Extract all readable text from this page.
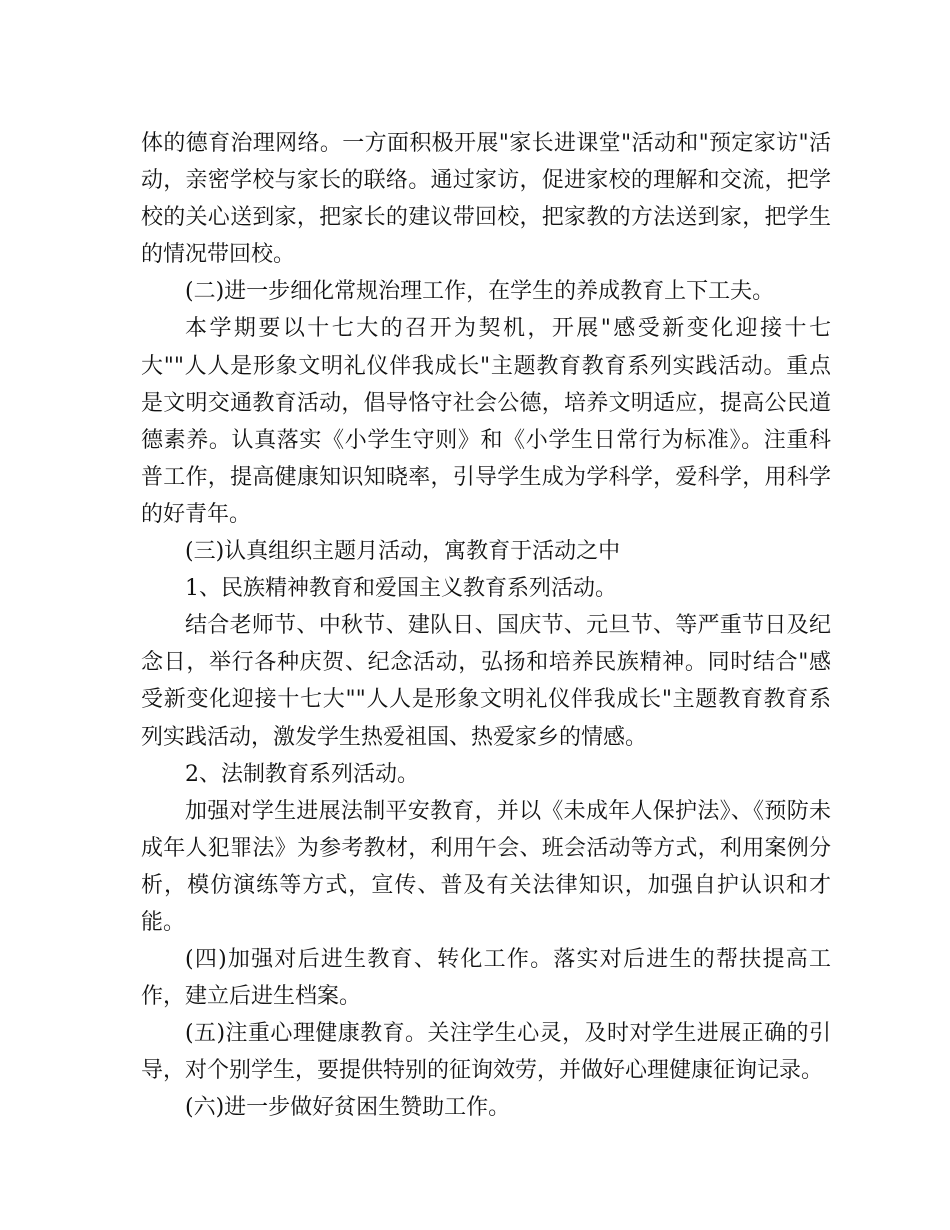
体的德育治理网络。一方面积极开展"家长进课堂"活动和"预定家访"活动，亲密学校与家长的联络。通过家访，促进家校的理解和交流，把学校的关心送到家，把家长的建议带回校，把家教的方法送到家，把学生的情况带回校。

(二)进一步细化常规治理工作，在学生的养成教育上下工夫。

本学期要以十七大的召开为契机，开展"感受新变化迎接十七大""人人是形象文明礼仪伴我成长"主题教育教育系列实践活动。重点是文明交通教育活动，倡导恪守社会公德，培养文明适应，提高公民道德素养。认真落实《小学生守则》和《小学生日常行为标准》。注重科普工作，提高健康知识知晓率，引导学生成为学科学，爱科学，用科学的好青年。

(三)认真组织主题月活动，寓教育于活动之中

1、民族精神教育和爱国主义教育系列活动。

结合老师节、中秋节、建队日、国庆节、元旦节、等严重节日及纪念日，举行各种庆贺、纪念活动，弘扬和培养民族精神。同时结合"感受新变化迎接十七大""人人是形象文明礼仪伴我成长"主题教育教育系列实践活动，激发学生热爱祖国、热爱家乡的情感。

2、法制教育系列活动。

加强对学生进展法制平安教育，并以《未成年人保护法》、《预防未成年人犯罪法》为参考教材，利用午会、班会活动等方式，利用案例分析，模仿演练等方式，宣传、普及有关法律知识，加强自护认识和才能。

(四)加强对后进生教育、转化工作。落实对后进生的帮扶提高工作，建立后进生档案。

(五)注重心理健康教育。关注学生心灵，及时对学生进展正确的引导，对个别学生，要提供特别的征询效劳，并做好心理健康征询记录。

(六)进一步做好贫困生赞助工作。
